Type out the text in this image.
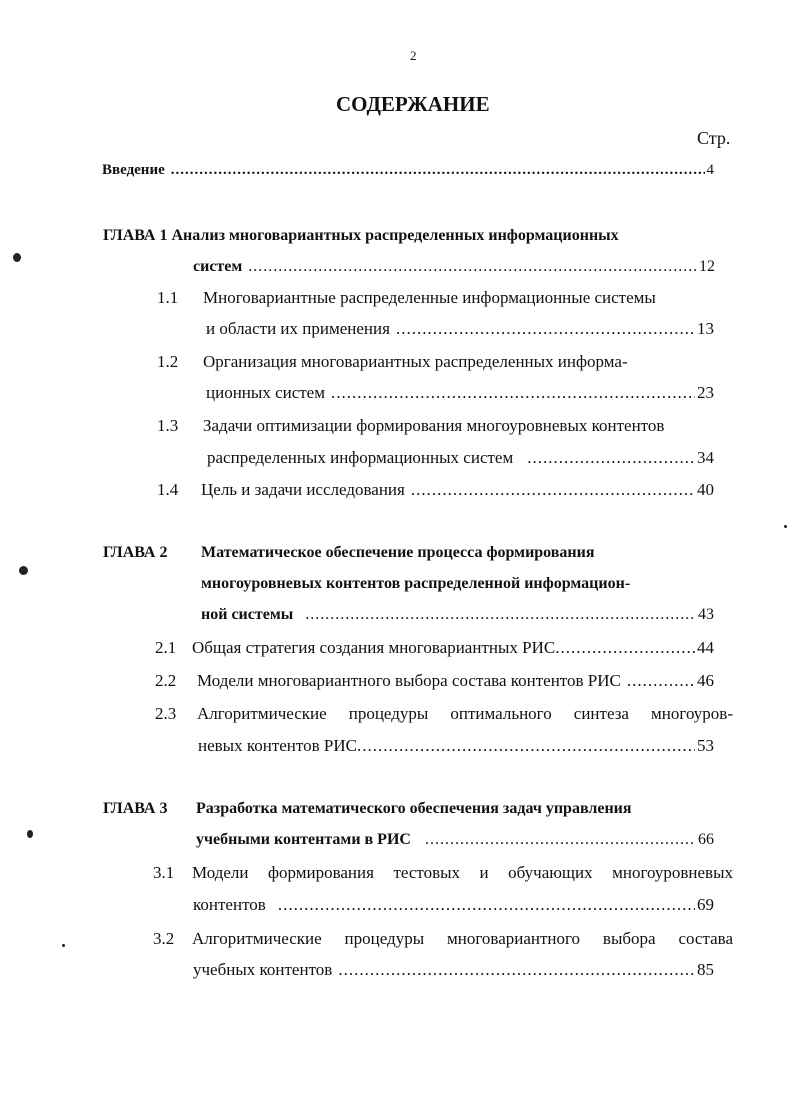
2
СОДЕРЖАНИЕ
Стр.
Введение .....	4
ГЛАВА 1 Анализ многовариантных распределенных информационных
систем .....	12
1.1 Многовариантные распределенные информационные системы
и области их применения .....	13
1.2 Организация многовариантных распределенных информа-
ционных систем .....	23
1.3 Задачи оптимизации формирования многоуровневых контентов
распределенных информационных систем .....	34
1.4 Цель и задачи исследования .....	40
ГЛАВА 2 Математическое обеспечение процесса формирования
многоуровневых контентов распределенной информацион-
ной системы .....	43
2.1 Общая стратегия создания многовариантных РИС .....	44
2.2 Модели многовариантного выбора состава контентов РИС .....	46
2.3 Алгоритмические процедуры оптимального синтеза многоуров-
невых контентов РИС .....	53
ГЛАВА 3 Разработка математического обеспечения задач управления
учебными контентами в РИС .....	66
3.1 Модели формирования тестовых и обучающих многоуровневых
контентов .....	69
3.2 Алгоритмические процедуры многовариантного выбора состава
учебных контентов .....	85
